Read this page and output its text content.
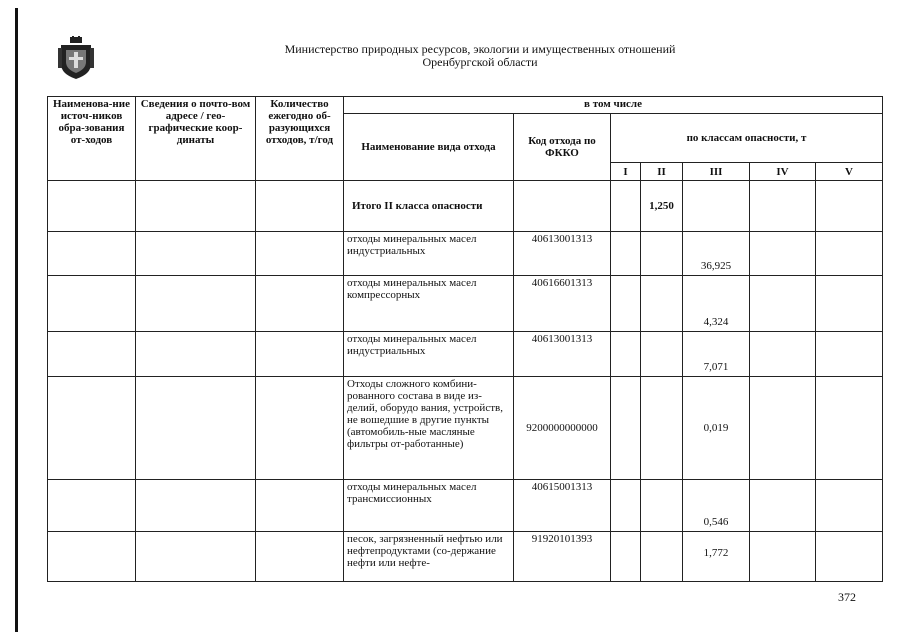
Министерство природных ресурсов, экологии и имущественных отношений
Оренбургской области
Наименова-ние источ-ников обра-зования от-ходов	Сведения о почто-вом адресе / гео-графические коор-динаты	Количество ежегодно об-разующихся отходов, т/год	в том числе						
			Наименование вида отхода	Код отхода по ФККО	по классам опасности, т				
					I	II	III	IV	V
			Итого II класса опасности			1,250			
			отходы минеральных масел индустриальных	40613001313			36,925		
			отходы минеральных масел компрессорных	40616601313			4,324		
			отходы минеральных масел индустриальных	40613001313			7,071		
			Отходы сложного комбини-рованного состава в виде из-делий, оборудо вания, устройств, не вошедшие в другие пункты (автомобиль-ные масляные фильтры от-работанные)	9200000000000			0,019		
			отходы минеральных масел трансмиссионных	40615001313			0,546		
			песок, загрязненный нефтью или нефтепродуктами (со-держание нефти или нефте-	91920101393			1,772		
372
